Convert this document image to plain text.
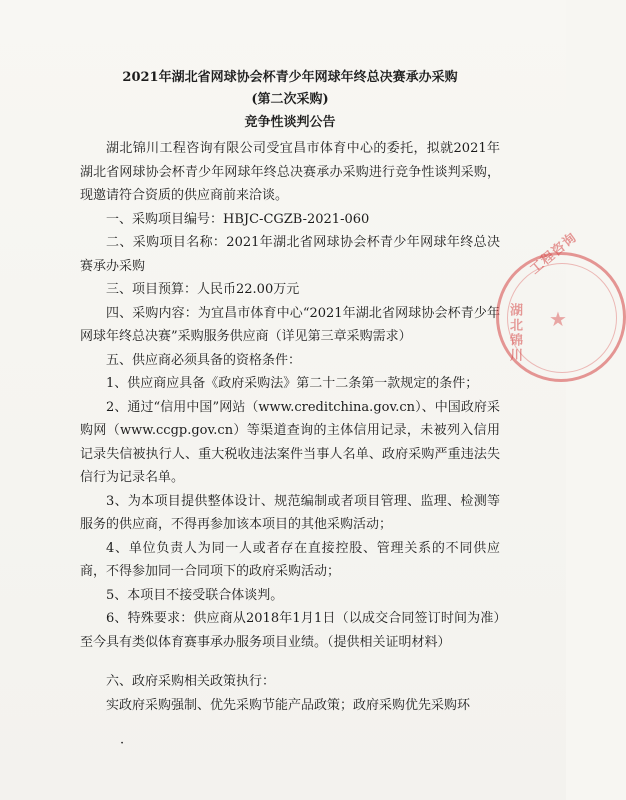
2021年湖北省网球协会杯青少年网球年终总决赛承办采购

(第二次采购)

竞争性谈判公告

湖北锦川工程咨询有限公司受宜昌市体育中心的委托，拟就2021年湖北省网球协会杯青少年网球年终总决赛承办采购进行竞争性谈判采购，现邀请符合资质的供应商前来洽谈。

一、采购项目编号：HBJC-CGZB-2021-060

二、采购项目名称：2021年湖北省网球协会杯青少年网球年终总决赛承办采购

三、项目预算：人民币22.00万元

四、采购内容：为宜昌市体育中心“2021年湖北省网球协会杯青少年网球年终总决赛”采购服务供应商（详见第三章采购需求）

五、供应商必须具备的资格条件：

1、供应商应具备《政府采购法》第二十二条第一款规定的条件；

2、通过“信用中国”网站（www.creditchina.gov.cn）、中国政府采购网（www.ccgp.gov.cn）等渠道查询的主体信用记录，未被列入信用记录失信被执行人、重大税收违法案件当事人名单、政府采购严重违法失信行为记录名单。

3、为本项目提供整体设计、规范编制或者项目管理、监理、检测等服务的供应商，不得再参加该本项目的其他采购活动；

4、单位负责人为同一人或者存在直接控股、管理关系的不同供应商，不得参加同一合同项下的政府采购活动；

5、本项目不接受联合体谈判。

6、特殊要求：供应商从2018年1月1日（以成交合同签订时间为准）至今具有类似体育赛事承办服务项目业绩。（提供相关证明材料）

六、政府采购相关政策执行：

实政府采购强制、优先采购节能产品政策；政府采购优先采购环

·
★
湖北锦川
工程咨询
